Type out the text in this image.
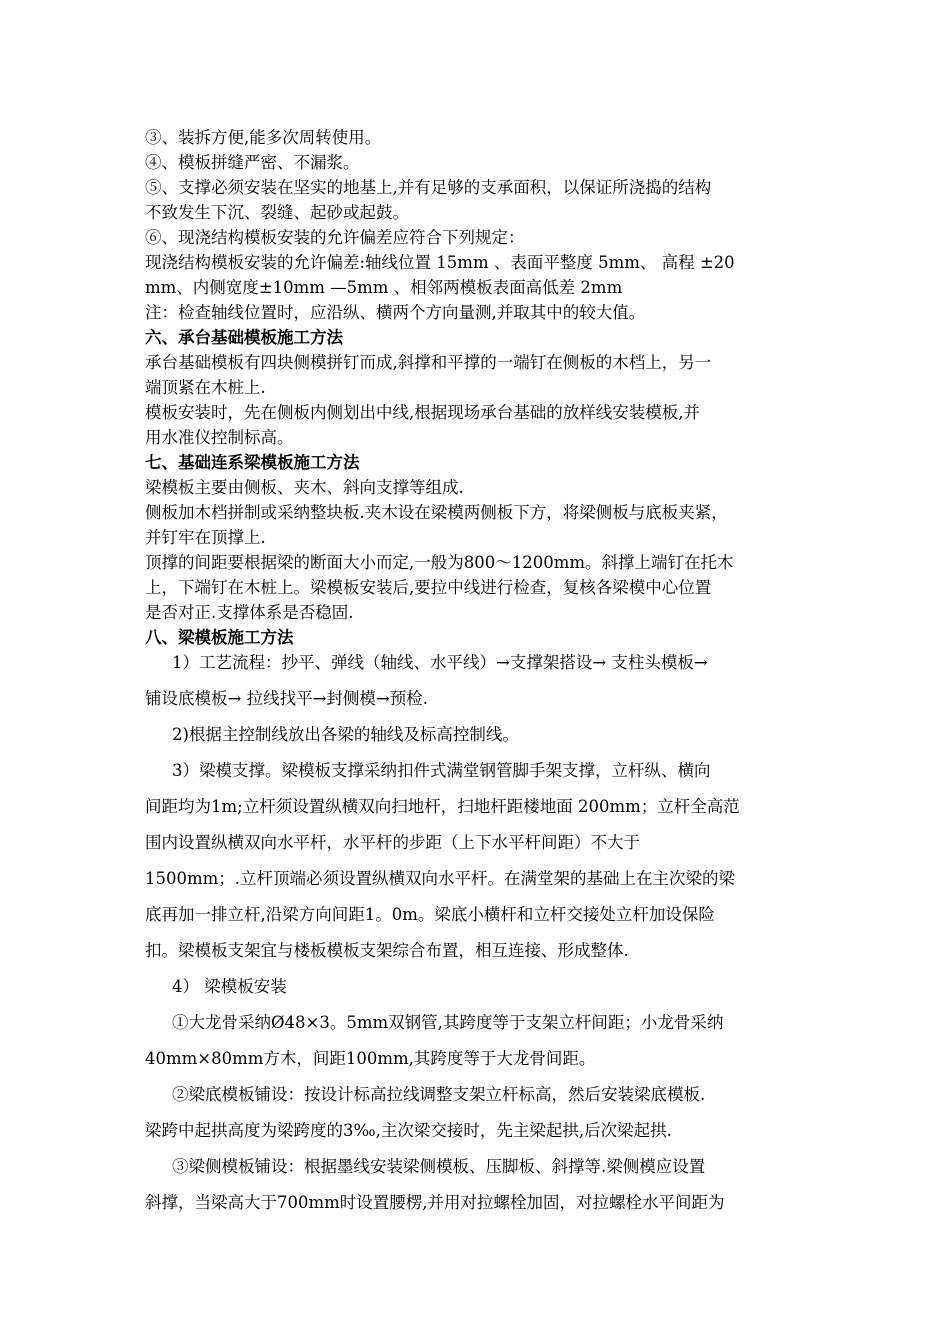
③、装拆方便,能多次周转使用。
④、模板拼缝严密、不漏浆。
⑤、支撑必须安装在坚实的地基上,并有足够的支承面积，以保证所浇捣的结构
不致发生下沉、裂缝、起砂或起鼓。
⑥、现浇结构模板安装的允许偏差应符合下列规定：
现浇结构模板安装的允许偏差:轴线位置 15mm 、表面平整度 5mm、 高程 ±20
mm、内侧宽度±10mm —5mm 、相邻两模板表面高低差 2mm
注：检查轴线位置时，应沿纵、横两个方向量测,并取其中的较大值。
六、承台基础模板施工方法
承台基础模板有四块侧模拼钉而成,斜撑和平撑的一端钉在侧板的木档上，另一
端顶紧在木桩上.
模板安装时，先在侧板内侧划出中线,根据现场承台基础的放样线安装模板,并
用水准仪控制标高。
七、基础连系梁模板施工方法
梁模板主要由侧板、夹木、斜向支撑等组成.
侧板加木档拼制或采纳整块板.夹木设在梁模两侧板下方，将梁侧板与底板夹紧，
并钉牢在顶撑上.
顶撑的间距要根据梁的断面大小而定,一般为800～1200mm。斜撑上端钉在托木
上，下端钉在木桩上。梁模板安装后,要拉中线进行检查，复核各梁模中心位置
是否对正.支撑体系是否稳固.
八、梁模板施工方法
1）工艺流程：抄平、弹线（轴线、水平线）→支撑架搭设→ 支柱头模板→
铺设底模板→ 拉线找平→封侧模→预检.
2)根据主控制线放出各梁的轴线及标高控制线。
3）梁模支撑。梁模板支撑采纳扣件式满堂钢管脚手架支撑，立杆纵、横向
间距均为1m;立杆须设置纵横双向扫地杆，扫地杆距楼地面 200mm；立杆全高范
围内设置纵横双向水平杆，水平杆的步距（上下水平杆间距）不大于
1500mm；.立杆顶端必须设置纵横双向水平杆。在满堂架的基础上在主次梁的梁
底再加一排立杆,沿梁方向间距1。0m。梁底小横杆和立杆交接处立杆加设保险
扣。梁模板支架宜与楼板模板支架综合布置，相互连接、形成整体.
4） 梁模板安装
①大龙骨采纳Ø48×3。5mm双钢管,其跨度等于支架立杆间距；小龙骨采纳
40mm×80mm方木，间距100mm,其跨度等于大龙骨间距。
②梁底模板铺设：按设计标高拉线调整支架立杆标高，然后安装梁底模板.
梁跨中起拱高度为梁跨度的3‰,主次梁交接时，先主梁起拱,后次梁起拱.
③梁侧模板铺设：根据墨线安装梁侧模板、压脚板、斜撑等.梁侧模应设置
斜撑，当梁高大于700mm时设置腰楞,并用对拉螺栓加固，对拉螺栓水平间距为
